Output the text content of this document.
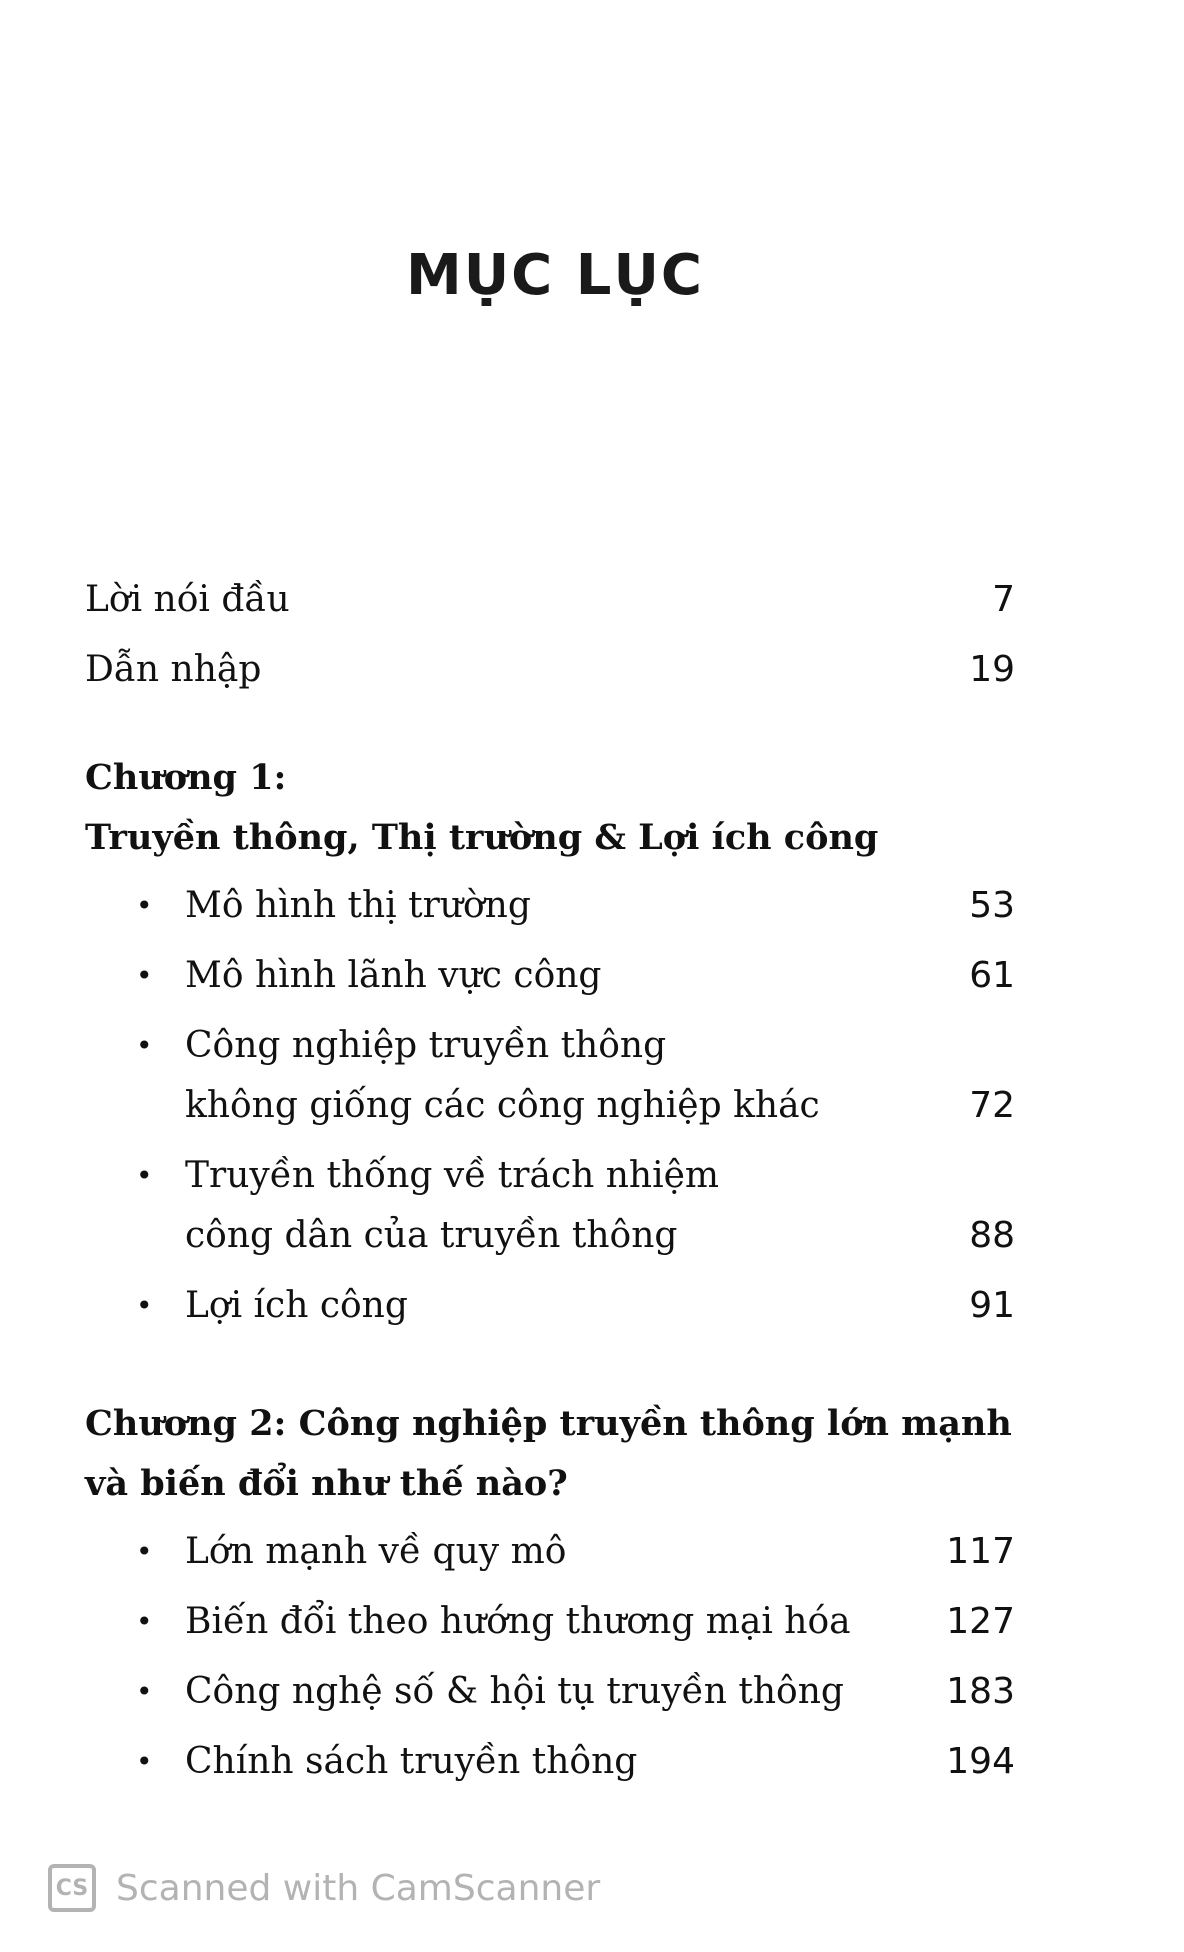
MỤC LỤC
Lời nói đầu	7
Dẫn nhập	19
Chương 1:
Truyền thông, Thị trường & Lợi ích công
• Mô hình thị trường	53
• Mô hình lãnh vực công	61
• Công nghiệp truyền thông
không giống các công nghiệp khác	72
• Truyền thống về trách nhiệm
công dân của truyền thông	88
• Lợi ích công	91
Chương 2: Công nghiệp truyền thông lớn mạnh
và biến đổi như thế nào?
• Lớn mạnh về quy mô	117
• Biến đổi theo hướng thương mại hóa	127
• Công nghệ số & hội tụ truyền thông	183
• Chính sách truyền thông	194
CS Scanned with CamScanner
